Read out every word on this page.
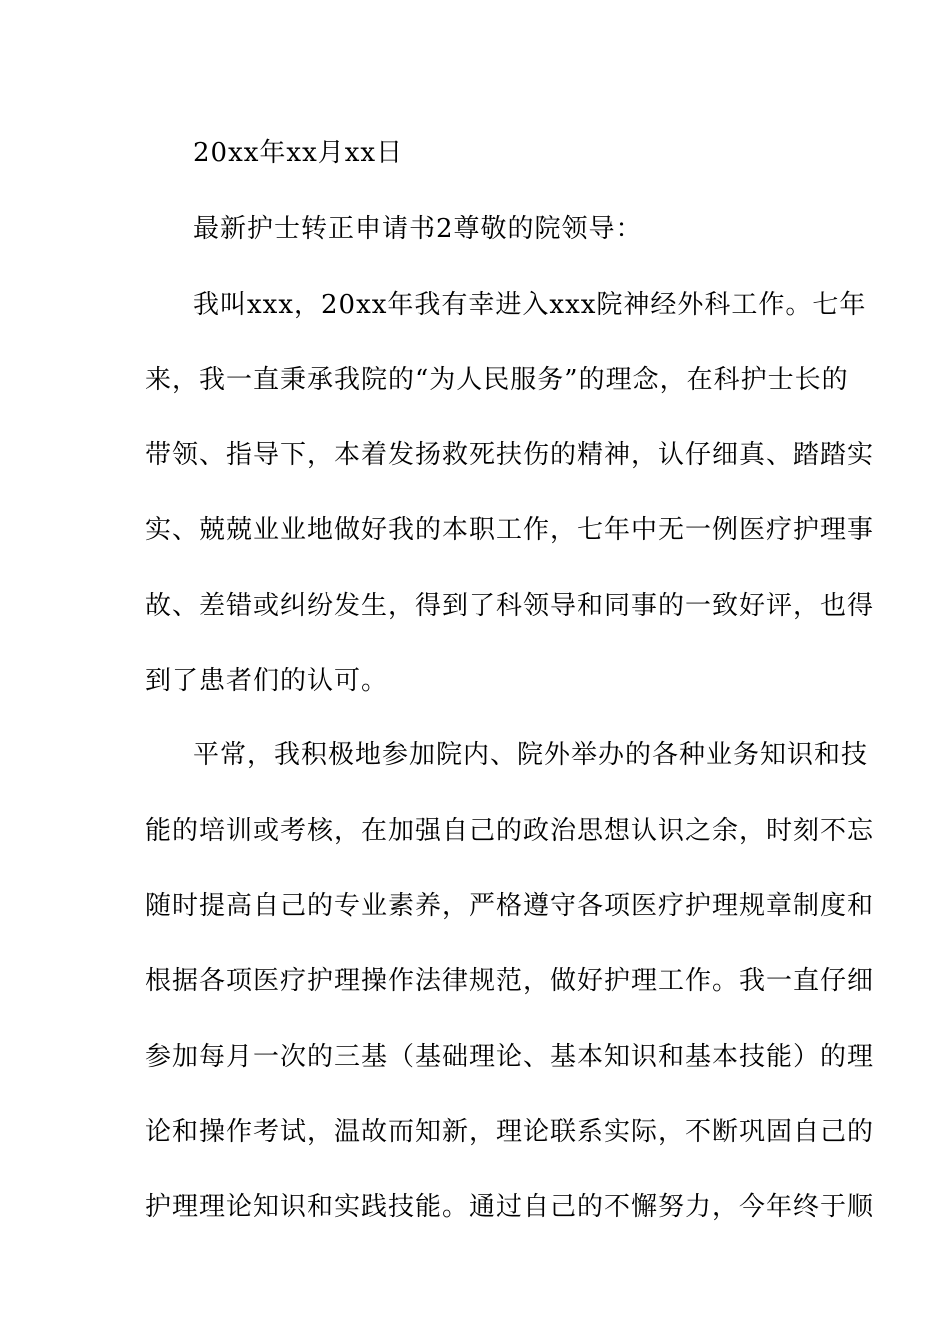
20xx年xx月xx日
最新护士转正申请书2尊敬的院领导：
我叫xxx，20xx年我有幸进入xxx院神经外科工作。七年
来，我一直秉承我院的“为人民服务”的理念，在科护士长的
带领、指导下，本着发扬救死扶伤的精神，认仔细真、踏踏实
实、兢兢业业地做好我的本职工作，七年中无一例医疗护理事
故、差错或纠纷发生，得到了科领导和同事的一致好评，也得
到了患者们的认可。
平常，我积极地参加院内、院外举办的各种业务知识和技
能的培训或考核，在加强自己的政治思想认识之余，时刻不忘
随时提高自己的专业素养，严格遵守各项医疗护理规章制度和
根据各项医疗护理操作法律规范，做好护理工作。我一直仔细
参加每月一次的三基（基础理论、基本知识和基本技能）的理
论和操作考试，温故而知新，理论联系实际，不断巩固自己的
护理理论知识和实践技能。通过自己的不懈努力，今年终于顺
